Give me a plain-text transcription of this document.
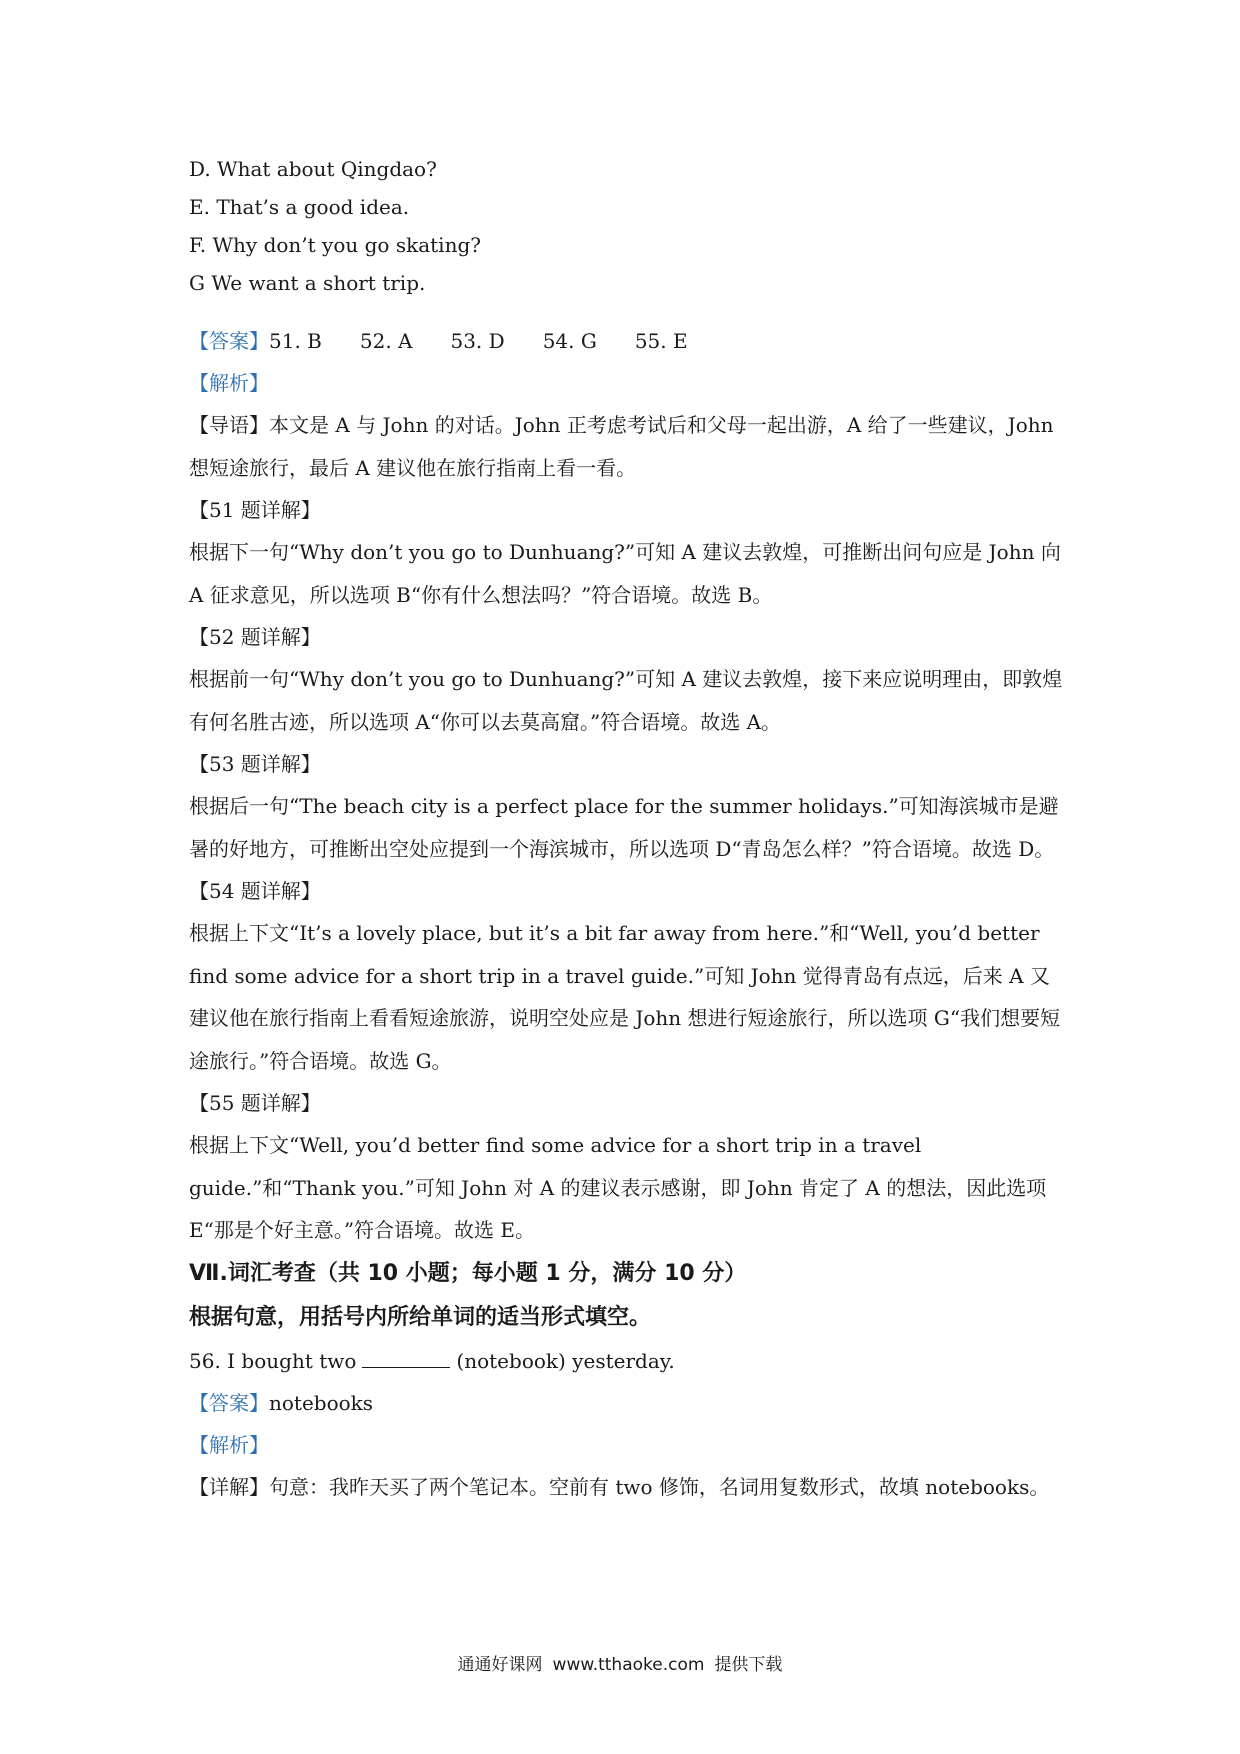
D. What about Qingdao?
E. That’s a good idea.
F. Why don’t you go skating?
G We want a short trip.
【答案】51. B 52. A 53. D 54. G 55. E
【解析】
【导语】本文是 A 与 John 的对话。John 正考虑考试后和父母一起出游，A 给了一些建议，John 想短途旅行，最后 A 建议他在旅行指南上看一看。
【51 题详解】
根据下一句“Why don’t you go to Dunhuang?”可知 A 建议去敦煌，可推断出问句应是 John 向 A 征求意见，所以选项 B“你有什么想法吗？”符合语境。故选 B。
【52 题详解】
根据前一句“Why don’t you go to Dunhuang?”可知 A 建议去敦煌，接下来应说明理由，即敦煌有何名胜古迹，所以选项 A“你可以去莫高窟。”符合语境。故选 A。
【53 题详解】
根据后一句“The beach city is a perfect place for the summer holidays.”可知海滨城市是避暑的好地方，可推断出空处应提到一个海滨城市，所以选项 D“青岛怎么样？”符合语境。故选 D。
【54 题详解】
根据上下文“It’s a lovely place, but it’s a bit far away from here.”和“Well, you’d better find some advice for a short trip in a travel guide.”可知 John 觉得青岛有点远，后来 A 又建议他在旅行指南上看看短途旅游，说明空处应是 John 想进行短途旅行，所以选项 G“我们想要短途旅行。”符合语境。故选 G。
【55 题详解】
根据上下文“Well, you’d better find some advice for a short trip in a travel guide.”和“Thank you.”可知 John 对 A 的建议表示感谢，即 John 肯定了 A 的想法，因此选项 E“那是个好主意。”符合语境。故选 E。
Ⅶ.词汇考查（共 10 小题；每小题 1 分，满分 10 分）
根据句意，用括号内所给单词的适当形式填空。
56. I bought two	(notebook) yesterday.
【答案】notebooks
【解析】
【详解】句意：我昨天买了两个笔记本。空前有 two 修饰，名词用复数形式，故填 notebooks。
通通好课网 www.tthaoke.com 提供下载
